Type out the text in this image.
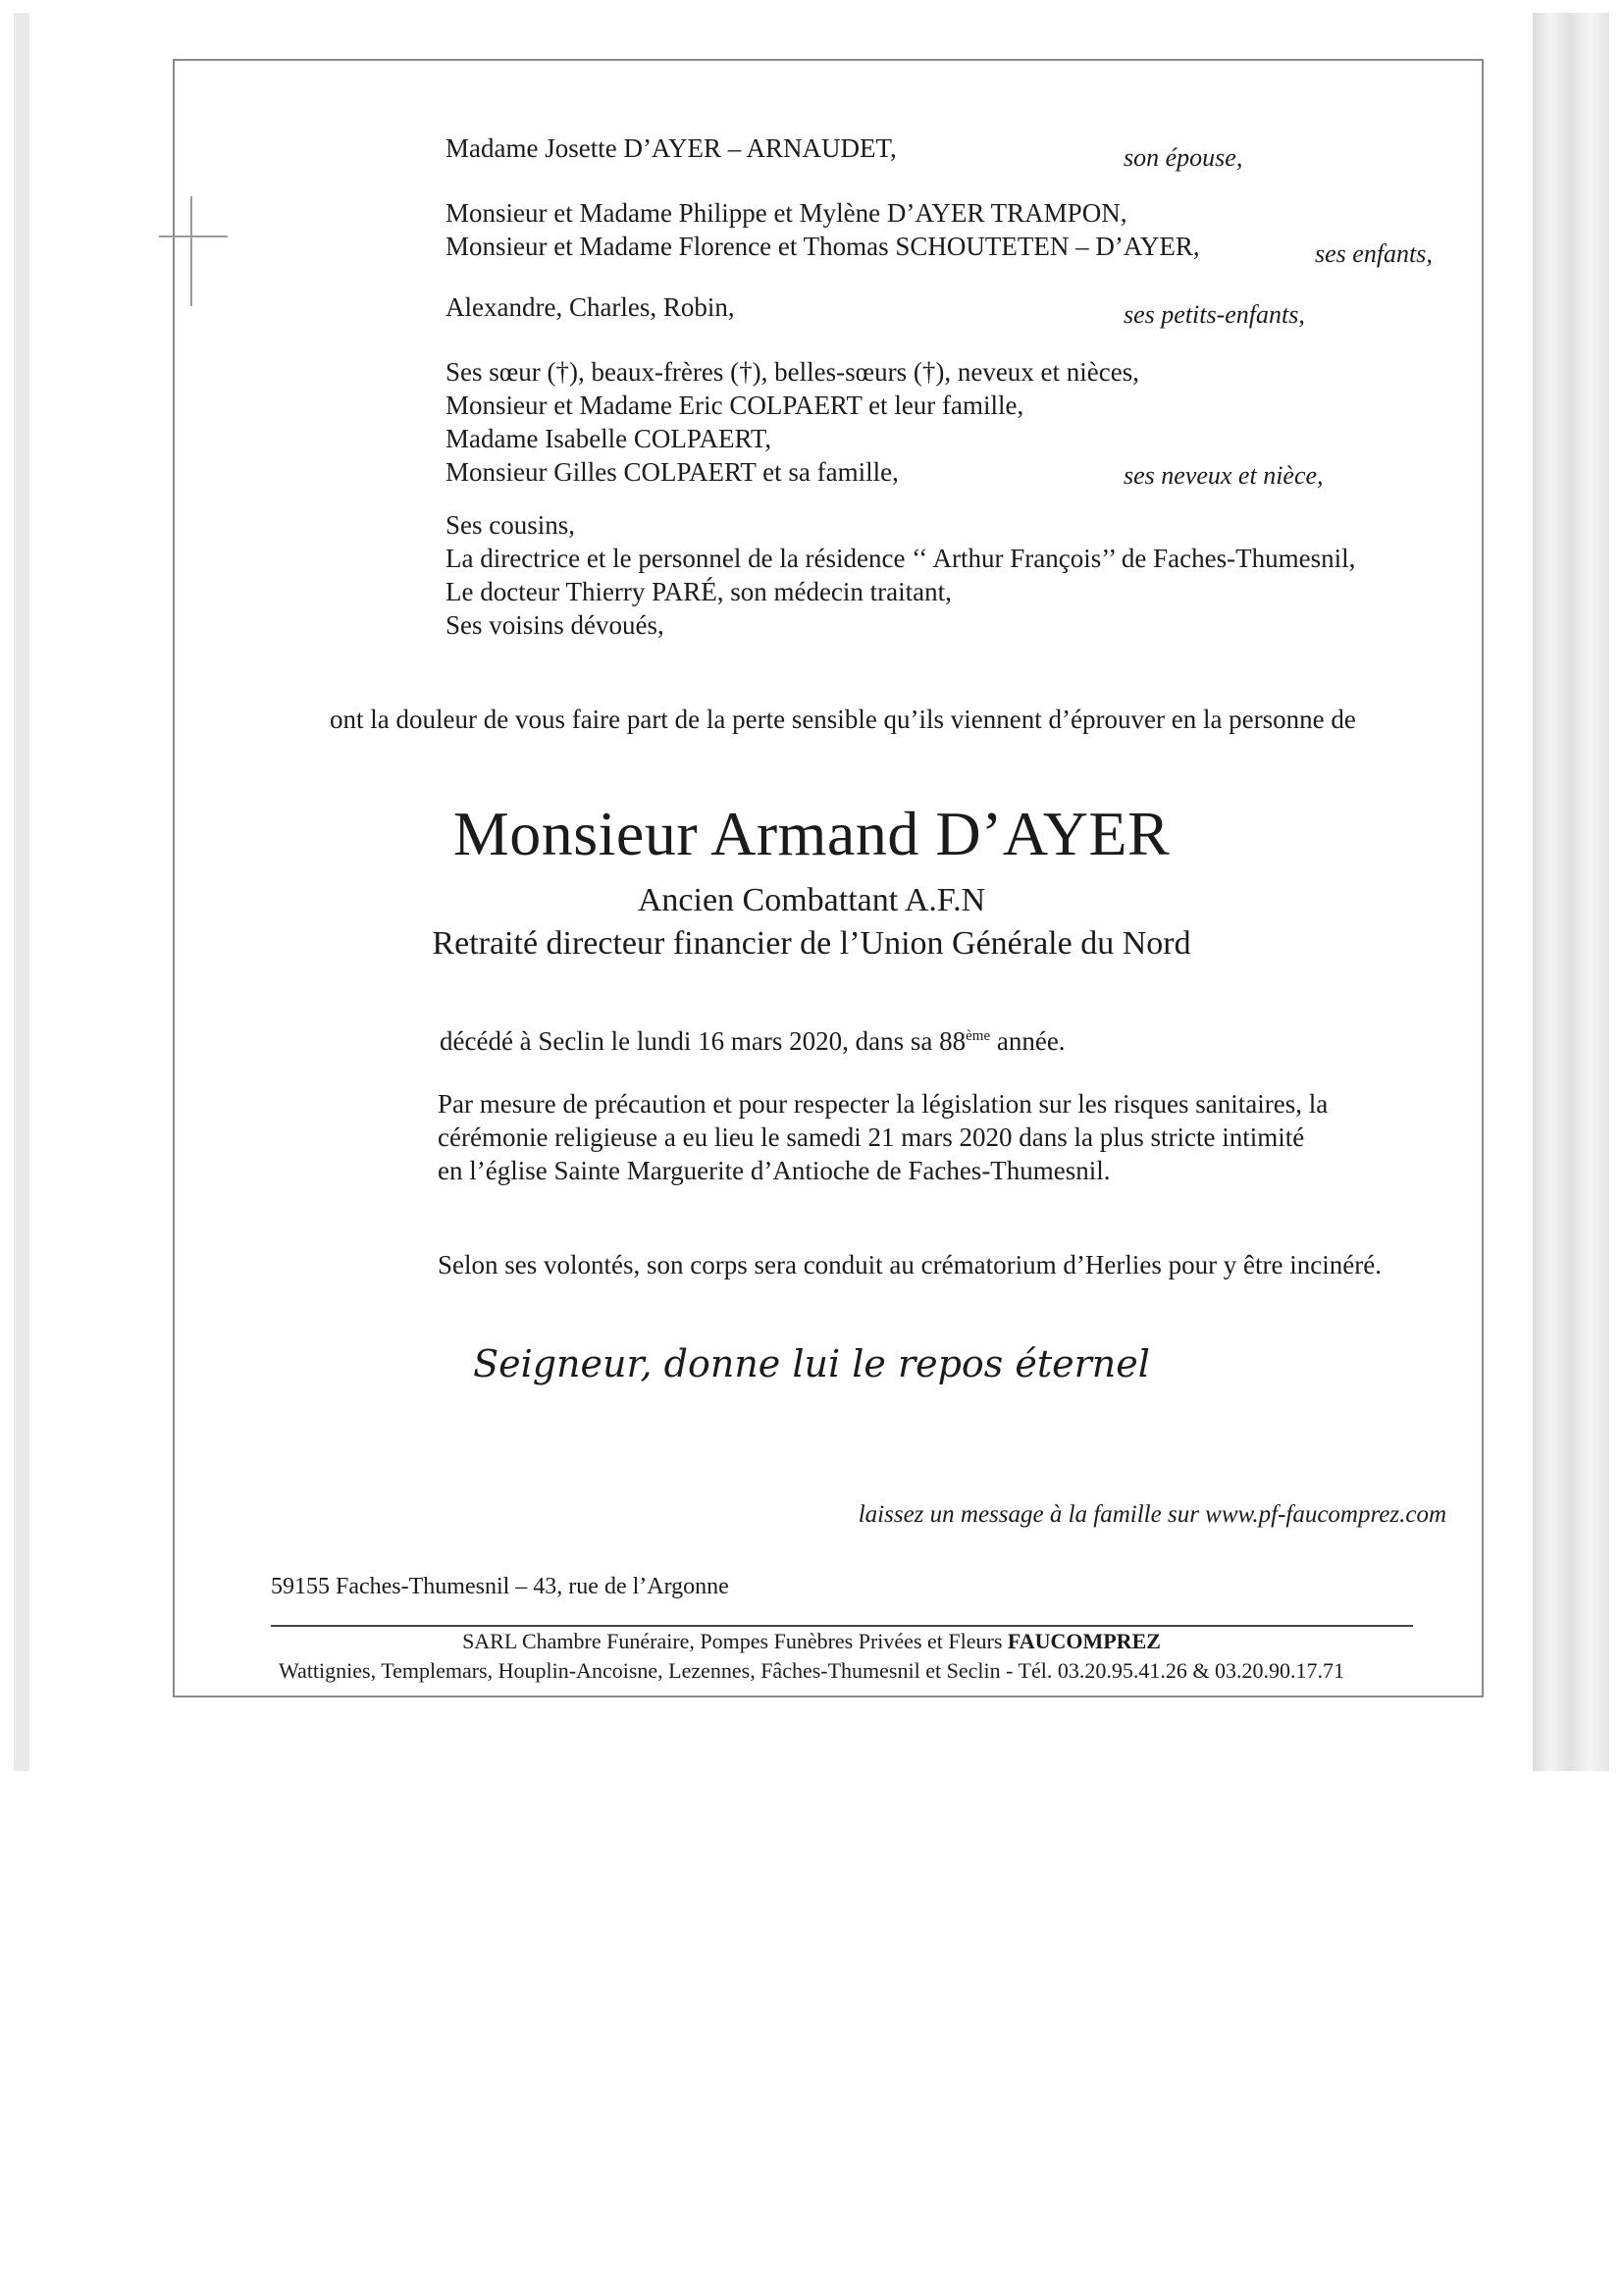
Madame Josette D’AYER – ARNAUDET,	son épouse,
Monsieur et Madame Philippe et Mylène D’AYER TRAMPON,
Monsieur et Madame Florence et Thomas SCHOUTETEN – D’AYER,	ses enfants,
Alexandre, Charles, Robin,	ses petits-enfants,
Ses sœur (†), beaux-frères (†), belles-sœurs (†), neveux et nièces,
Monsieur et Madame Eric COLPAERT et leur famille,
Madame Isabelle COLPAERT,
Monsieur Gilles COLPAERT et sa famille,	ses neveux et nièce,
Ses cousins,
La directrice et le personnel de la résidence ‘‘ Arthur François’’ de Faches-Thumesnil,
Le docteur Thierry PARÉ, son médecin traitant,
Ses voisins dévoués,
ont la douleur de vous faire part de la perte sensible qu’ils viennent d’éprouver en la personne de
Monsieur Armand D’AYER
Ancien Combattant A.F.N
Retraité directeur financier de l’Union Générale du Nord
décédé à Seclin le lundi 16 mars 2020, dans sa 88ème année.
Par mesure de précaution et pour respecter la législation sur les risques sanitaires, la
cérémonie religieuse a eu lieu le samedi 21 mars 2020 dans la plus stricte intimité
en l’église Sainte Marguerite d’Antioche de Faches-Thumesnil.
Selon ses volontés, son corps sera conduit au crématorium d’Herlies pour y être incinéré.
Seigneur, donne lui le repos éternel
laissez un message à la famille sur www.pf-faucomprez.com
59155 Faches-Thumesnil – 43, rue de l’Argonne
SARL Chambre Funéraire, Pompes Funèbres Privées et Fleurs FAUCOMPREZ
Wattignies, Templemars, Houplin-Ancoisne, Lezennes, Fâches-Thumesnil et Seclin - Tél. 03.20.95.41.26 & 03.20.90.17.71
